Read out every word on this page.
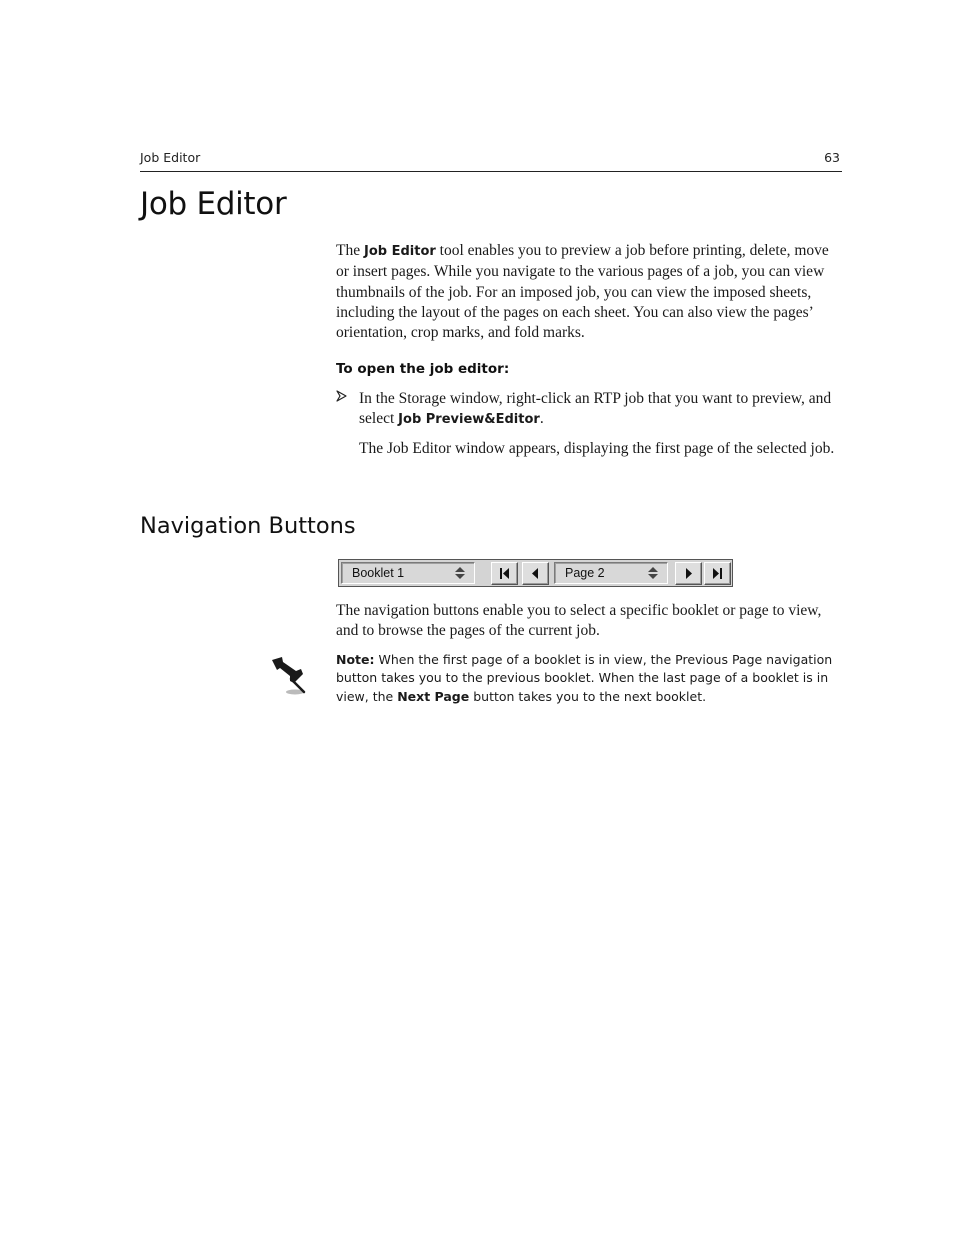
Job Editor	63
Job Editor

The Job Editor tool enables you to preview a job before printing, delete, move or insert pages. While you navigate to the various pages of a job, you can view thumbnails of the job. For an imposed job, you can view the imposed sheets, including the layout of the pages on each sheet. You can also view the pages’ orientation, crop marks, and fold marks.

To open the job editor:

In the Storage window, right-click an RTP job that you want to preview, and select Job Preview&Editor.

The Job Editor window appears, displaying the first page of the selected job.

Navigation Buttons
Booklet 1	Page 2

The navigation buttons enable you to select a specific booklet or page to view, and to browse the pages of the current job.

Note: When the first page of a booklet is in view, the Previous Page navigation button takes you to the previous booklet. When the last page of a booklet is in view, the Next Page button takes you to the next booklet.
